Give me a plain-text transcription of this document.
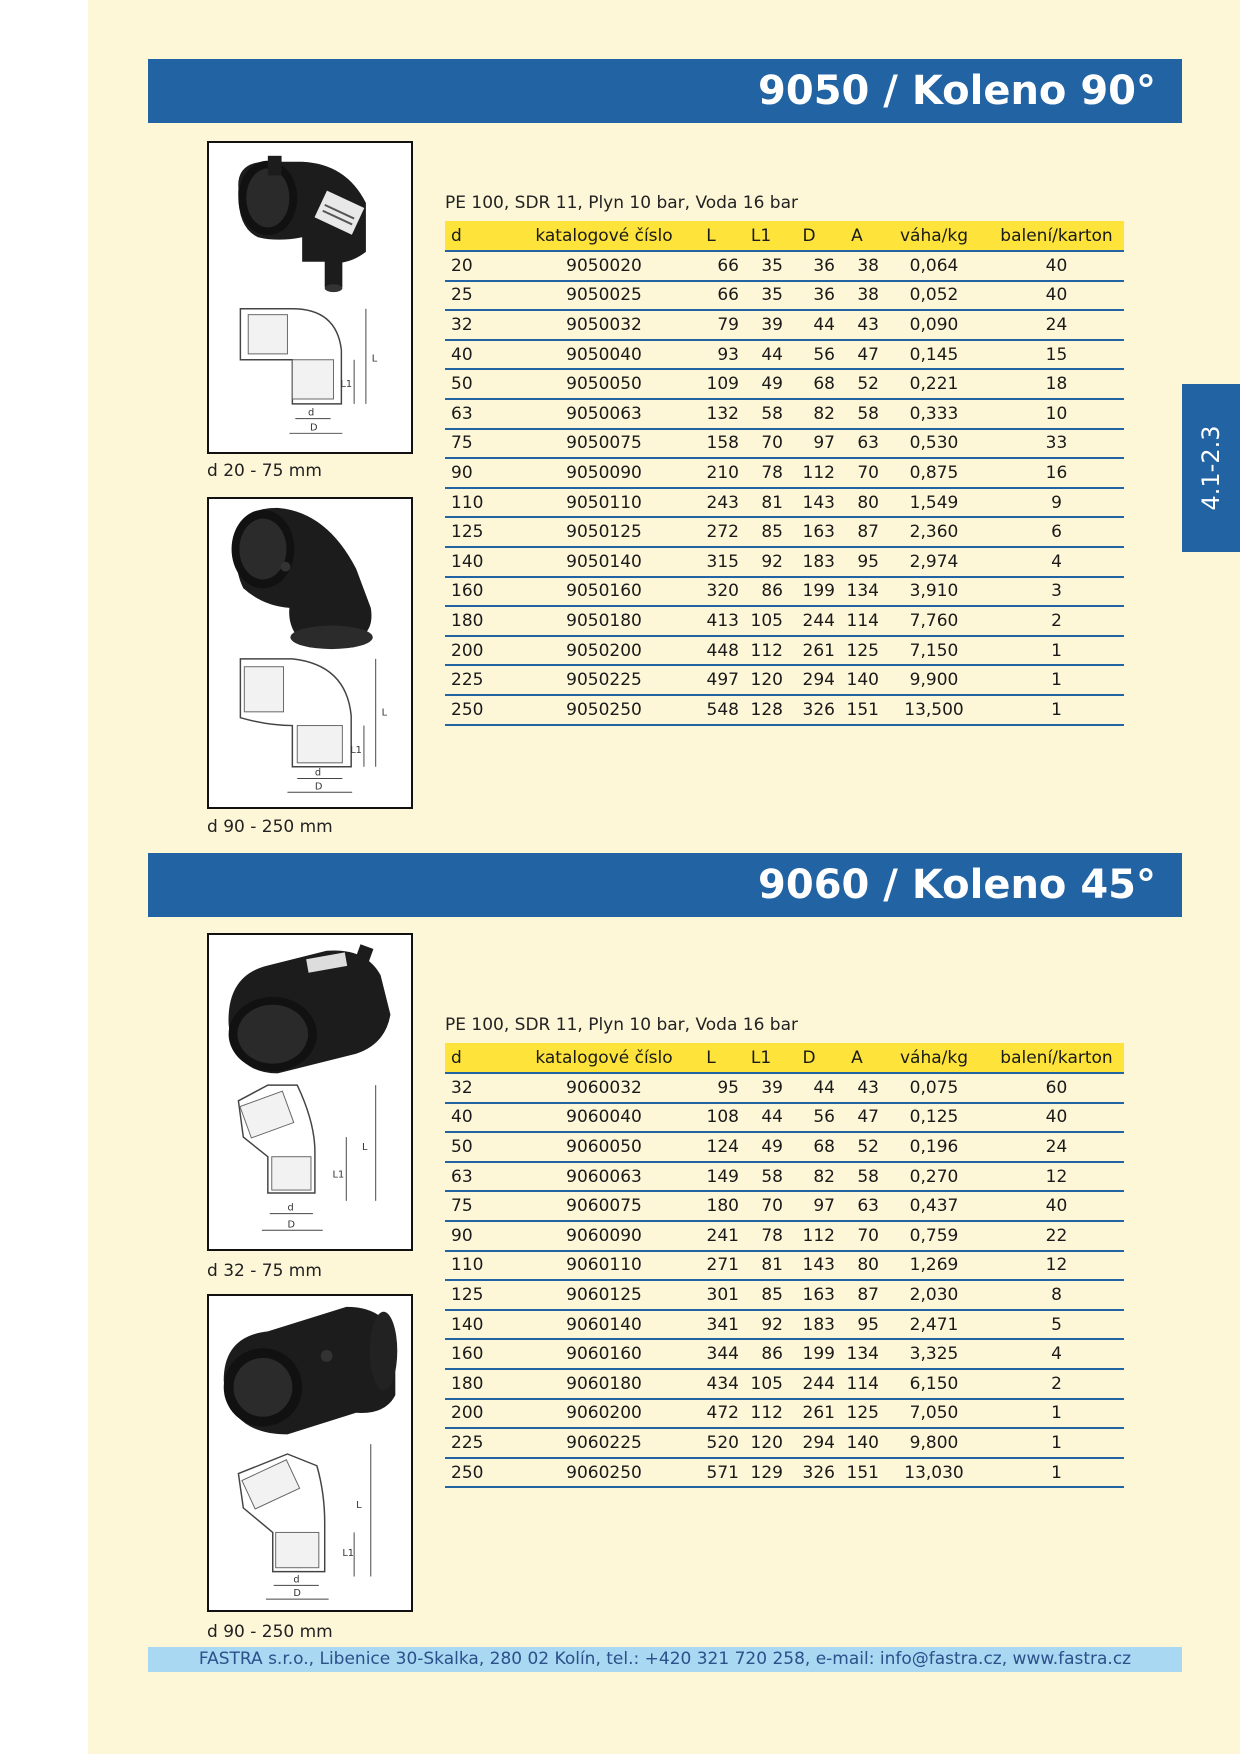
9050 / Koleno 90°
4.1-2.3
L
L1
d
D
d 20 - 75 mm
L
L1
d
D
d 90 - 250 mm
PE 100, SDR 11, Plyn 10 bar, Voda 16 bar
d	katalogové číslo	L	L1	D	A	váha/kg	balení/karton
20	9050020	66	35	36	38	0,064	40
25	9050025	66	35	36	38	0,052	40
32	9050032	79	39	44	43	0,090	24
40	9050040	93	44	56	47	0,145	15
50	9050050	109	49	68	52	0,221	18
63	9050063	132	58	82	58	0,333	10
75	9050075	158	70	97	63	0,530	33
90	9050090	210	78	112	70	0,875	16
110	9050110	243	81	143	80	1,549	9
125	9050125	272	85	163	87	2,360	6
140	9050140	315	92	183	95	2,974	4
160	9050160	320	86	199	134	3,910	3
180	9050180	413	105	244	114	7,760	2
200	9050200	448	112	261	125	7,150	1
225	9050225	497	120	294	140	9,900	1
250	9050250	548	128	326	151	13,500	1
9060 / Koleno 45°
L
L1
d
D
d 32 - 75 mm
L
L1
d
D
d 90 - 250 mm
PE 100, SDR 11, Plyn 10 bar, Voda 16 bar
d	katalogové číslo	L	L1	D	A	váha/kg	balení/karton
32	9060032	95	39	44	43	0,075	60
40	9060040	108	44	56	47	0,125	40
50	9060050	124	49	68	52	0,196	24
63	9060063	149	58	82	58	0,270	12
75	9060075	180	70	97	63	0,437	40
90	9060090	241	78	112	70	0,759	22
110	9060110	271	81	143	80	1,269	12
125	9060125	301	85	163	87	2,030	8
140	9060140	341	92	183	95	2,471	5
160	9060160	344	86	199	134	3,325	4
180	9060180	434	105	244	114	6,150	2
200	9060200	472	112	261	125	7,050	1
225	9060225	520	120	294	140	9,800	1
250	9060250	571	129	326	151	13,030	1
FASTRA s.r.o., Libenice 30-Skalka, 280 02 Kolín, tel.: +420 321 720 258, e-mail: info@fastra.cz, www.fastra.cz
